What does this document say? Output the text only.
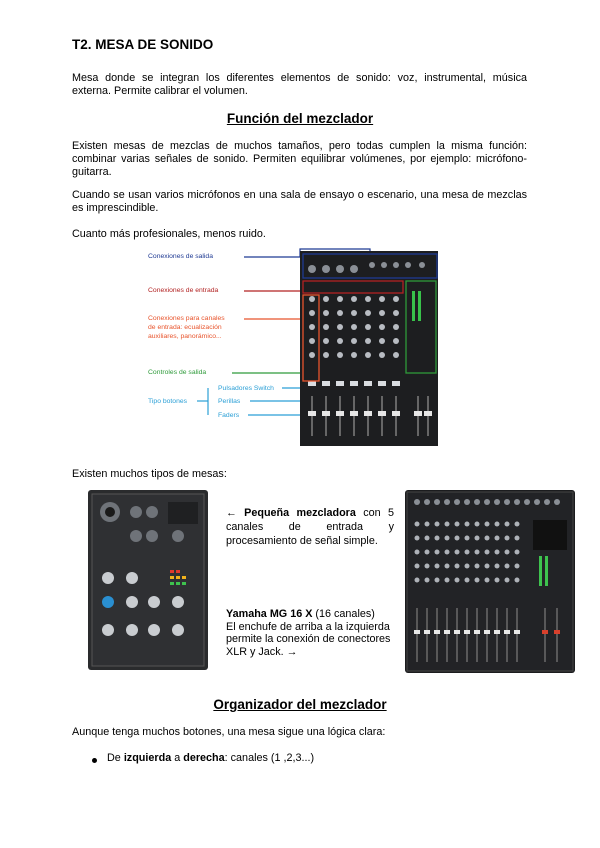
T2. MESA DE SONIDO
Mesa donde se integran los diferentes elementos de sonido: voz, instrumental, música externa. Permite calibrar el volumen.
Función del mezclador
Existen mesas de mezclas de muchos tamaños, pero todas cumplen la misma función: combinar varias señales de sonido. Permiten equilibrar volúmenes, por ejemplo: micrófono-guitarra.
Cuando se usan varios micrófonos en una sala de ensayo o escenario, una mesa de mezclas es imprescindible.
Cuanto más profesionales, menos ruido.
Conexiones de salida
Conexiones de entrada
Conexiones para canales
de entrada: ecualización
auxiliares, panorámico...
Controles de salida
Tipo botones
Pulsadores Switch
Perillas
Faders
Existen muchos tipos de mesas:
← Pequeña mezcladora con 5 canales de entrada y procesamiento de señal simple.
Yamaha MG 16 X (16 canales)
El enchufe de arriba a la izquierda permite la conexión de conectores XLR y Jack. →
Organizador del mezclador
Aunque tenga muchos botones, una mesa sigue una lógica clara:
De izquierda a derecha: canales (1 ,2,3...)
